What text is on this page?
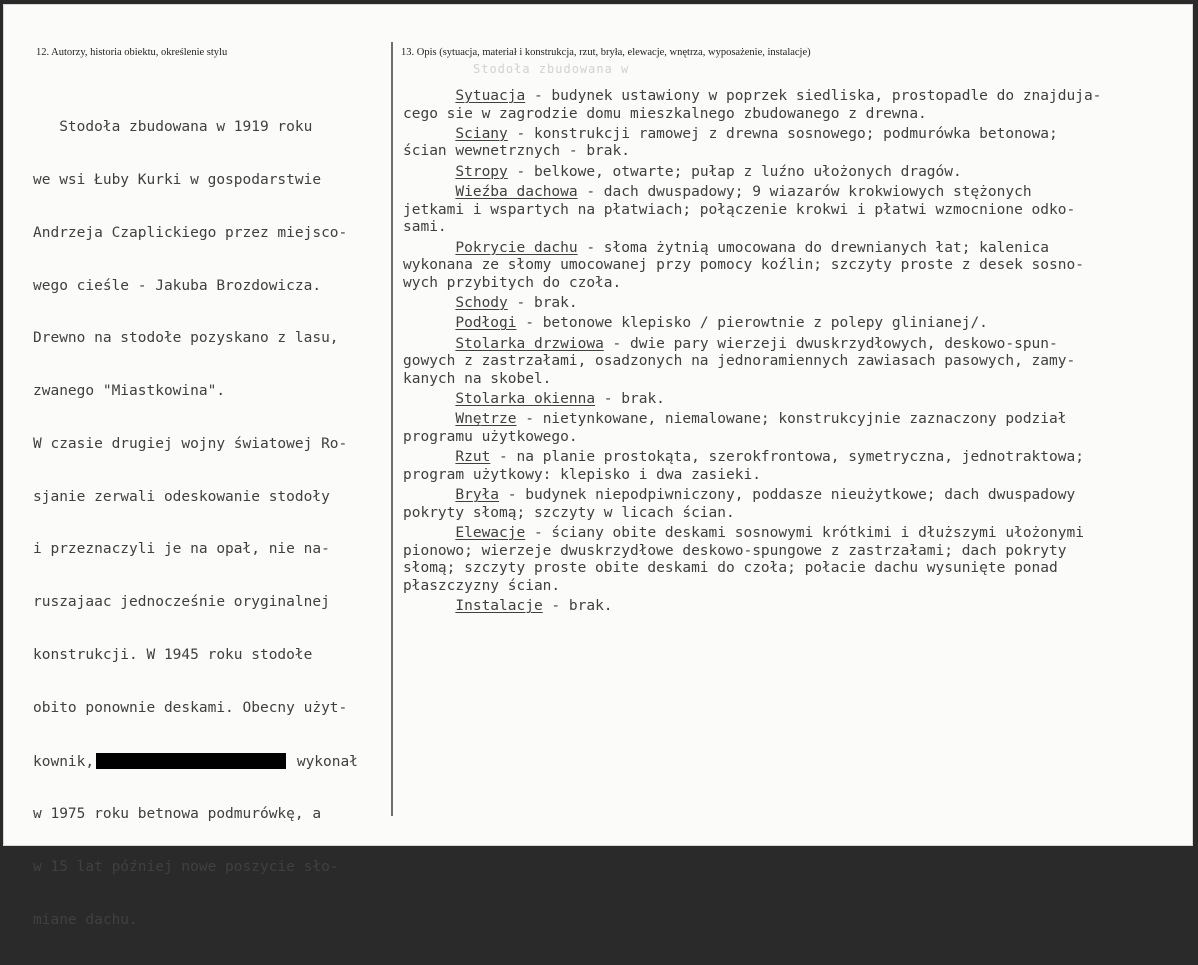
12. Autorzy, historia obiektu, określenie stylu	13. Opis (sytuacja, materiał i konstrukcja, rzut, bryła, elewacje, wnętrza, wyposażenie, instalacje)
Stodoła zbudowana w

Stodoła zbudowana w 1919 roku

we wsi Łuby Kurki w gospodarstwie

Andrzeja Czaplickiego przez miejsco-

wego cieśle - Jakuba Brozdowicza.

Drewno na stodołe pozyskano z lasu,

zwanego "Miastkowina".

W czasie drugiej wojny światowej Ro-

sjanie zerwali odeskowanie stodoły

i przeznaczyli je na opał, nie na-

ruszajaac jednocześnie oryginalnej

konstrukcji. W 1945 roku stodołe

obito ponownie deskami. Obecny użyt-

kownik,	wykonał

w 1975 roku betnowa podmurówkę, a

w 15 lat później nowe poszycie sło-

miane dachu.

Sytuacja - budynek ustawiony w poprzek siedliska, prostopadle do znajduja-

cego sie w zagrodzie domu mieszkalnego zbudowanego z drewna.

Sciany - konstrukcji ramowej z drewna sosnowego; podmurówka betonowa;

ścian wewnetrznych - brak.

Stropy - belkowe, otwarte; pułap z luźno ułożonych dragów.

Wieźba dachowa - dach dwuspadowy; 9 wiazarów krokwiowych stężonych

jetkami i wspartych na płatwiach; połączenie krokwi i płatwi wzmocnione odko-

sami.

Pokrycie dachu - słoma żytnią umocowana do drewnianych łat; kalenica

wykonana ze słomy umocowanej przy pomocy koźlin; szczyty proste z desek sosno-

wych przybitych do czoła.

Schody - brak.

Podłogi - betonowe klepisko / pierowtnie z polepy glinianej/.

Stolarka drzwiowa - dwie pary wierzeji dwuskrzydłowych, deskowo-spun-

gowych z zastrzałami, osadzonych na jednoramiennych zawiasach pasowych, zamy-

kanych na skobel.

Stolarka okienna - brak.

Wnętrze - nietynkowane, niemalowane; konstrukcyjnie zaznaczony podział

programu użytkowego.

Rzut - na planie prostokąta, szerokfrontowa, symetryczna, jednotraktowa;

program użytkowy: klepisko i dwa zasieki.

Bryła - budynek niepodpiwniczony, poddasze nieużytkowe; dach dwuspadowy

pokryty słomą; szczyty w licach ścian.

Elewacje - ściany obite deskami sosnowymi krótkimi i dłuższymi ułożonymi

pionowo; wierzeje dwuskrzydłowe deskowo-spungowe z zastrzałami; dach pokryty

słomą; szczyty proste obite deskami do czoła; połacie dachu wysunięte ponad

płaszczyzny ścian.

Instalacje - brak.
